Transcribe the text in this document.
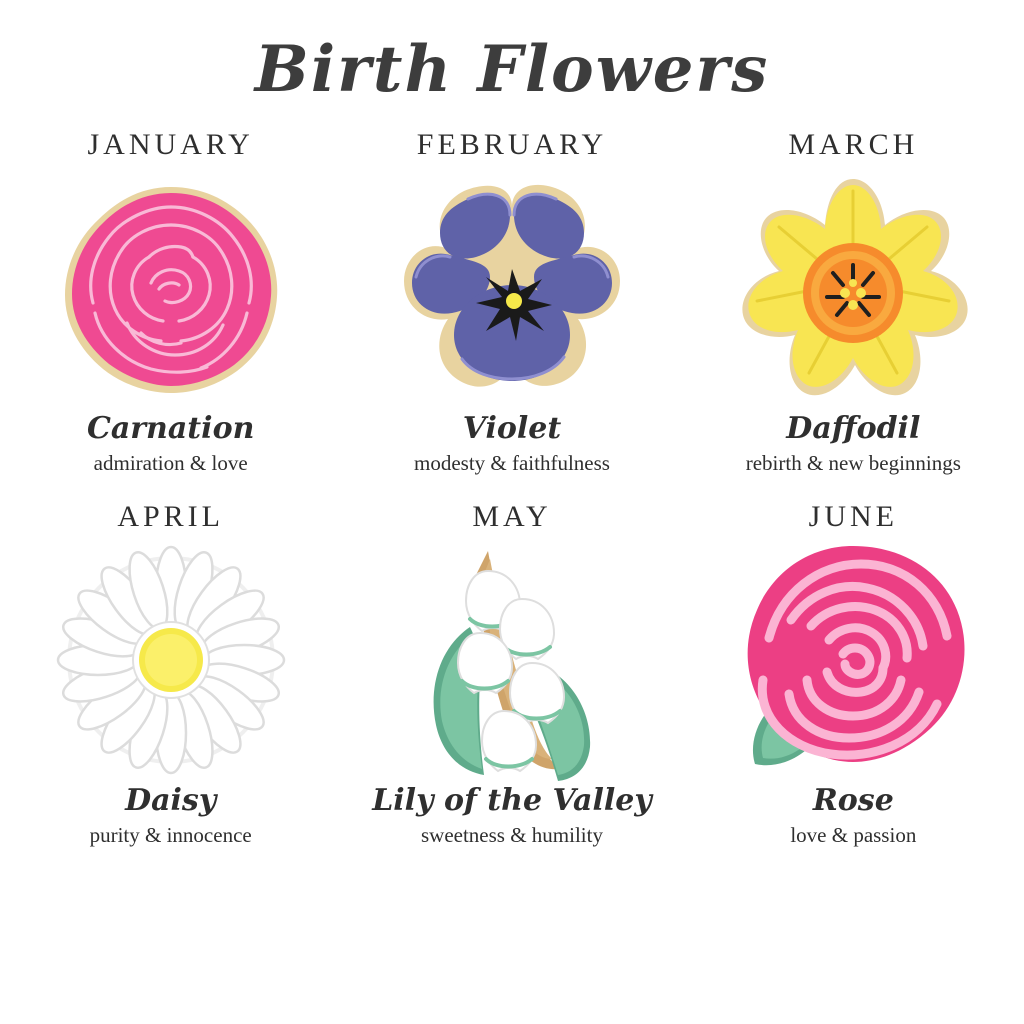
Birth Flowers
JANUARY
Carnation
admiration & love
FEBRUARY
Violet
modesty & faithfulness
MARCH
Daffodil
rebirth & new beginnings
APRIL
Daisy
purity & innocence
MAY
Lily of the Valley
sweetness & humility
JUNE
Rose
love & passion
